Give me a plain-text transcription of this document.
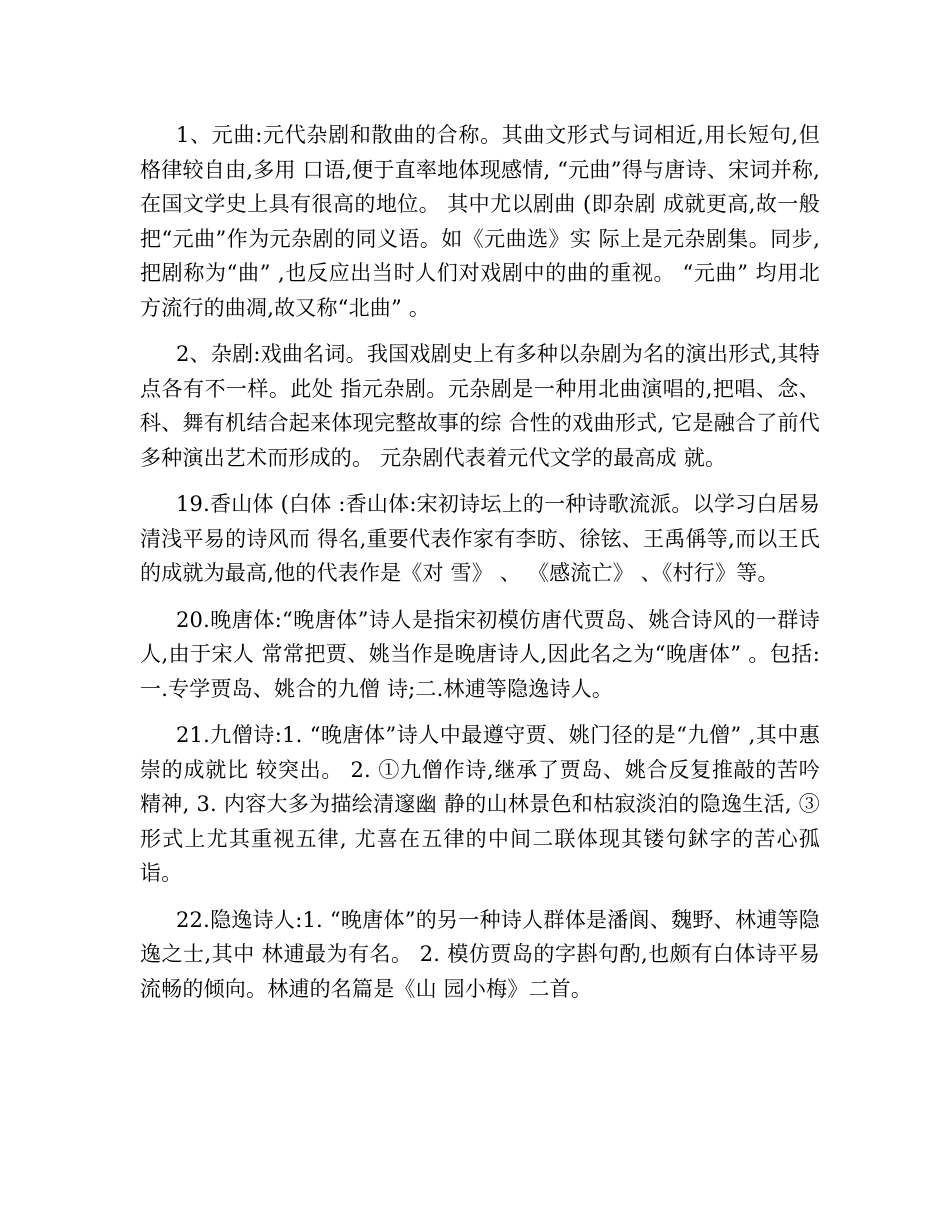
1、元曲:元代杂剧和散曲的合称。其曲文形式与词相近,用长短句,但格律较自由,多用 口语,便于直率地体现感情, “元曲”得与唐诗、宋词并称,在国文学史上具有很高的地位。 其中尤以剧曲 (即杂剧 成就更高,故一般把“元曲”作为元杂剧的同义语。如《元曲选》实 际上是元杂剧集。同步,把剧称为“曲” ,也反应出当时人们对戏剧中的曲的重视。 “元曲” 均用北方流行的曲凋,故又称“北曲” 。

2、杂剧:戏曲名词。我国戏剧史上有多种以杂剧为名的演出形式,其特点各有不一样。此处 指元杂剧。元杂剧是一种用北曲演唱的,把唱、念、科、舞有机结合起来体现完整故事的综 合性的戏曲形式, 它是融合了前代多种演出艺术而形成的。 元杂剧代表着元代文学的最高成 就。

19.香山体 (白体 :香山体:宋初诗坛上的一种诗歌流派。以学习白居易清浅平易的诗风而 得名,重要代表作家有李昉、徐铉、王禹偁等,而以王氏的成就为最高,他的代表作是《对 雪》 、 《感流亡》 、《村行》等。

20.晚唐体:“晚唐体”诗人是指宋初模仿唐代贾岛、姚合诗风的一群诗人,由于宋人 常常把贾、姚当作是晚唐诗人,因此名之为“晚唐体” 。包括:一.专学贾岛、姚合的九僧 诗;二.林逋等隐逸诗人。

21.九僧诗:1. “晚唐体”诗人中最遵守贾、姚门径的是“九僧” ,其中惠崇的成就比 较突出。 2. ①九僧作诗,继承了贾岛、姚合反复推敲的苦吟精神, 3. 内容大多为描绘清邃幽 静的山林景色和枯寂淡泊的隐逸生活, ③形式上尤其重视五律, 尤喜在五律的中间二联体现其镂句鉥字的苦心孤诣。

22.隐逸诗人:1. “晚唐体”的另一种诗人群体是潘阆、魏野、林逋等隐逸之士,其中 林逋最为有名。 2. 模仿贾岛的字斟句酌,也颇有白体诗平易流畅的倾向。林逋的名篇是《山 园小梅》二首。
